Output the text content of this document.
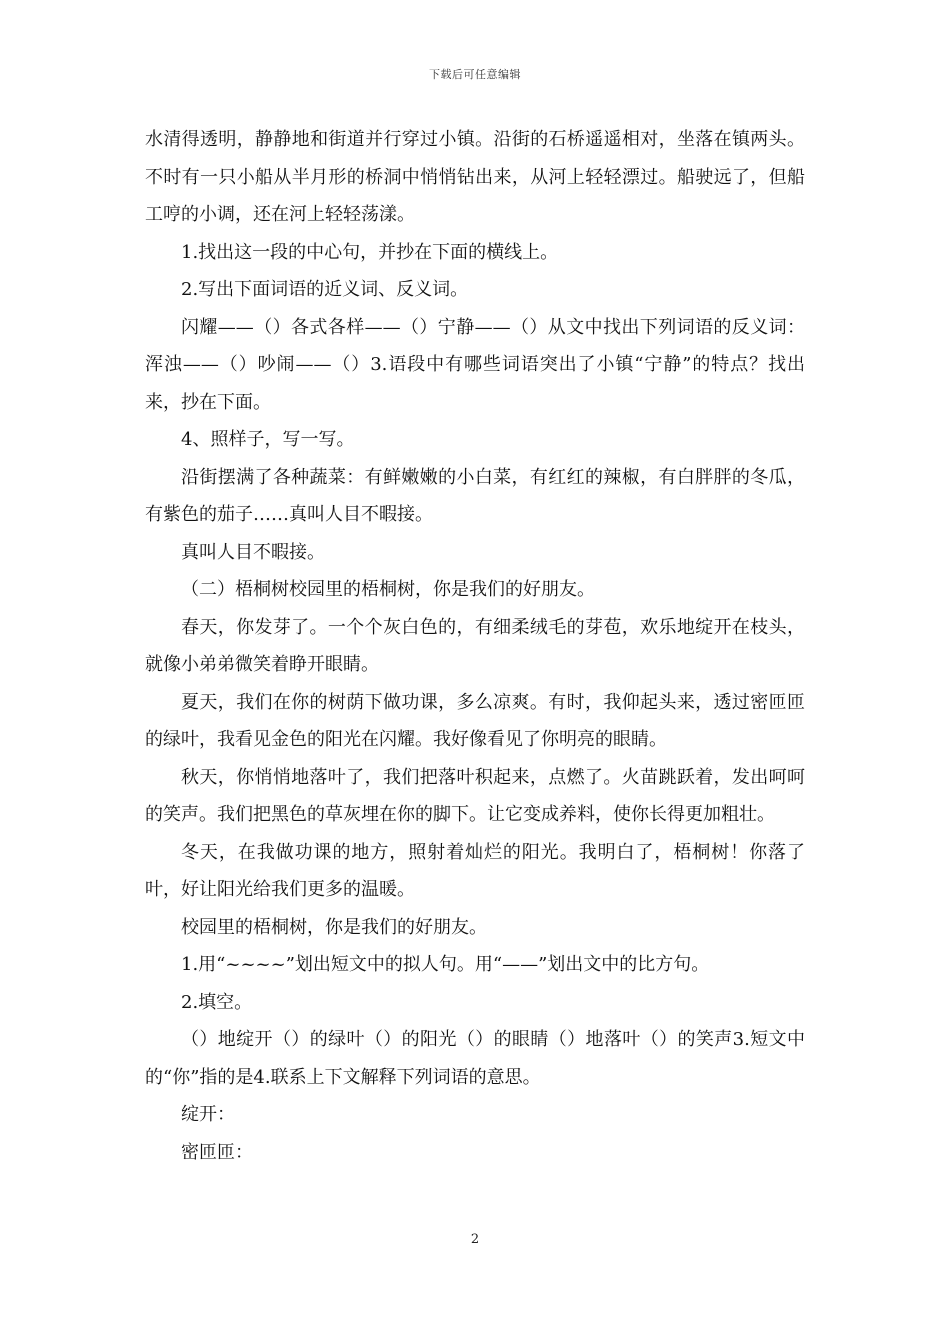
下载后可任意编辑

水清得透明，静静地和街道并行穿过小镇。沿街的石桥遥遥相对，坐落在镇两头。不时有一只小船从半月形的桥洞中悄悄钻出来，从河上轻轻漂过。船驶远了，但船工哼的小调，还在河上轻轻荡漾。

1.找出这一段的中心句，并抄在下面的横线上。

2.写出下面词语的近义词、反义词。

闪耀——（）各式各样——（）宁静——（）从文中找出下列词语的反义词：浑浊——（）吵闹——（）3.语段中有哪些词语突出了小镇“宁静”的特点？找出来，抄在下面。

4、照样子，写一写。

沿街摆满了各种蔬菜：有鲜嫩嫩的小白菜，有红红的辣椒，有白胖胖的冬瓜，有紫色的茄子……真叫人目不暇接。

真叫人目不暇接。

（二）梧桐树校园里的梧桐树，你是我们的好朋友。

春天，你发芽了。一个个灰白色的，有细柔绒毛的芽苞，欢乐地绽开在枝头，就像小弟弟微笑着睁开眼睛。

夏天，我们在你的树荫下做功课，多么凉爽。有时，我仰起头来，透过密匝匝的绿叶，我看见金色的阳光在闪耀。我好像看见了你明亮的眼睛。

秋天，你悄悄地落叶了，我们把落叶积起来，点燃了。火苗跳跃着，发出呵呵的笑声。我们把黑色的草灰埋在你的脚下。让它变成养料，使你长得更加粗壮。

冬天，在我做功课的地方，照射着灿烂的阳光。我明白了，梧桐树！你落了叶，好让阳光给我们更多的温暖。

校园里的梧桐树，你是我们的好朋友。

1.用“~~~~”划出短文中的拟人句。用“——”划出文中的比方句。

2.填空。

（）地绽开（）的绿叶（）的阳光（）的眼睛（）地落叶（）的笑声3.短文中的“你”指的是4.联系上下文解释下列词语的意思。

绽开：

密匝匝：

2
